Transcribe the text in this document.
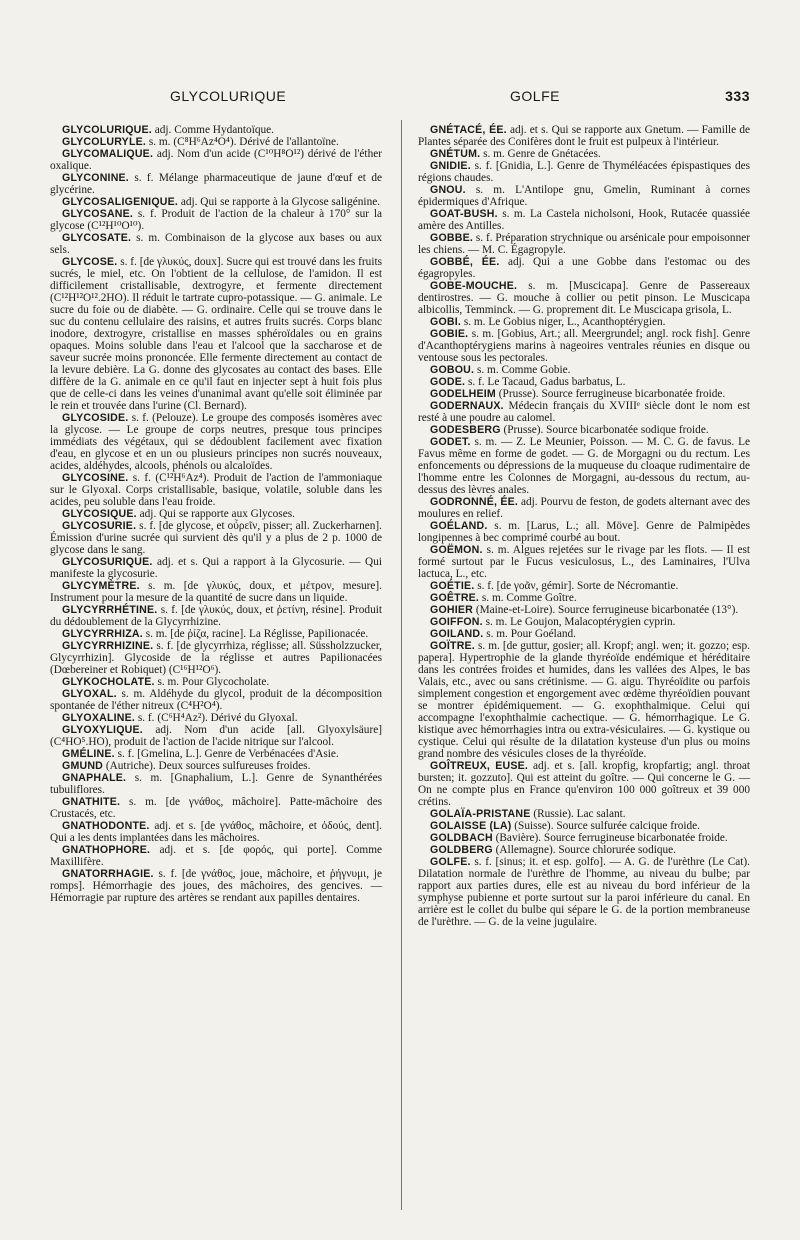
GLYCOLURIQUE	GOLFE	333

GLYCOLURIQUE. adj. Comme Hydantoïque.

GLYCOLURYLE. s. m. (C⁸H⁶Az⁴O⁴). Dérivé de l'allantoïne.

GLYCOMALIQUE. adj. Nom d'un acide (C¹⁰H⁸O¹²) dérivé de l'éther oxalique.

GLYCONINE. s. f. Mélange pharmaceutique de jaune d'œuf et de glycérine.

GLYCOSALIGENIQUE. adj. Qui se rapporte à la Glycose saligénine.

GLYCOSANE. s. f. Produit de l'action de la chaleur à 170° sur la glycose (C¹²H¹⁰O¹⁰).

GLYCOSATE. s. m. Combinaison de la glycose aux bases ou aux sels.

GLYCOSE. s. f. [de γλυκύς, doux]. Sucre qui est trouvé dans les fruits sucrés, le miel, etc. On l'obtient de la cellulose, de l'amidon. Il est difficilement cristallisable, dextrogyre, et fermente directement (C¹²H¹²O¹².2HO). Il réduit le tartrate cupro-potassique. — G. animale. Le sucre du foie ou de diabète. — G. ordinaire. Celle qui se trouve dans le suc du contenu cellulaire des raisins, et autres fruits sucrés. Corps blanc inodore, dextrogyre, cristallise en masses sphéroïdales ou en grains opaques. Moins soluble dans l'eau et l'alcool que la saccharose et de saveur sucrée moins prononcée. Elle fermente directement au contact de la levure debière. La G. donne des glycosates au contact des bases. Elle diffère de la G. animale en ce qu'il faut en injecter sept à huit fois plus que de celle-ci dans les veines d'unanimal avant qu'elle soit éliminée par le rein et trouvée dans l'urine (Cl. Bernard).

GLYCOSIDE. s. f. (Pelouze). Le groupe des composés isomères avec la glycose. — Le groupe de corps neutres, presque tous principes immédiats des végétaux, qui se dédoublent facilement avec fixation d'eau, en glycose et en un ou plusieurs principes non sucrés nouveaux, acides, aldéhydes, alcools, phénols ou alcaloïdes.

GLYCOSINE. s. f. (C¹²H⁶Az⁴). Produit de l'action de l'ammoniaque sur le Glyoxal. Corps cristallisable, basique, volatile, soluble dans les acides, peu soluble dans l'eau froide.

GLYCOSIQUE. adj. Qui se rapporte aux Glycoses.

GLYCOSURIE. s. f. [de glycose, et οὖρεῖν, pisser; all. Zuckerharnen]. Émission d'urine sucrée qui survient dès qu'il y a plus de 2 p. 1000 de glycose dans le sang.

GLYCOSURIQUE. adj. et s. Qui a rapport à la Glycosurie. — Qui manifeste la glycosurie.

GLYCYMÈTRE. s. m. [de γλυκύς, doux, et μέτρον, mesure]. Instrument pour la mesure de la quantité de sucre dans un liquide.

GLYCYRRHÉTINE. s. f. [de γλυκύς, doux, et ῥετίνη, résine]. Produit du dédoublement de la Glycyrrhizine.

GLYCYRRHIZA. s. m. [de ῥίζα, racine]. La Réglisse, Papilionacée.

GLYCYRRHIZINE. s. f. [de glycyrrhiza, réglisse; all. Süssholzzucker, Glycyrrhizin]. Glycoside de la réglisse et autres Papilionacées (Dœbereiner et Robiquet) (C¹⁶H¹²O⁶).

GLYKOCHOLATE. s. m. Pour Glycocholate.

GLYOXAL. s. m. Aldéhyde du glycol, produit de la décomposition spontanée de l'éther nitreux (C⁴H²O⁴).

GLYOXALINE. s. f. (C⁶H⁴Az²). Dérivé du Glyoxal.

GLYOXYLIQUE. adj. Nom d'un acide [all. Glyoxylsäure] (C⁴HO⁵.HO), produit de l'action de l'acide nitrique sur l'alcool.

GMÉLINE. s. f. [Gmelina, L.]. Genre de Verbénacées d'Asie.

GMUND (Autriche). Deux sources sulfureuses froides.

GNAPHALE. s. m. [Gnaphalium, L.]. Genre de Synanthérées tubuliflores.

GNATHITE. s. m. [de γνάθος, mâchoire]. Patte-mâchoire des Crustacés, etc.

GNATHODONTE. adj. et s. [de γνάθος, mâchoire, et ὀδούς, dent]. Qui a les dents implantées dans les mâchoires.

GNATHOPHORE. adj. et s. [de φορός, qui porte]. Comme Maxillifère.

GNATORRHAGIE. s. f. [de γνάθος, joue, mâchoire, et ῥήγνυμι, je romps]. Hémorrhagie des joues, des mâchoires, des gencives. — Hémorragie par rupture des artères se rendant aux papilles dentaires.

GNÉTACÉ, ÉE. adj. et s. Qui se rapporte aux Gnetum. — Famille de Plantes séparée des Conifères dont le fruit est pulpeux à l'intérieur.

GNÉTUM. s. m. Genre de Gnétacées.

GNIDIE. s. f. [Gnidia, L.]. Genre de Thyméléacées épispastiques des régions chaudes.

GNOU. s. m. L'Antilope gnu, Gmelin, Ruminant à cornes épidermiques d'Afrique.

GOAT-BUSH. s. m. La Castela nicholsoni, Hook, Rutacée quassiée amère des Antilles.

GOBBE. s. f. Préparation strychnique ou arsénicale pour empoisonner les chiens. — M. C. Égagropyle.

GOBBÉ, ÉE. adj. Qui a une Gobbe dans l'estomac ou des égagropyles.

GOBE-MOUCHE. s. m. [Muscicapa]. Genre de Passereaux dentirostres. — G. mouche à collier ou petit pinson. Le Muscicapa albicollis, Temminck. — G. proprement dit. Le Muscicapa grisola, L.

GOBI. s. m. Le Gobius niger, L., Acanthoptérygien.

GOBIE. s. m. [Gobius, Art.; all. Meergrundel; angl. rock fish]. Genre d'Acanthoptérygiens marins à nageoires ventrales réunies en disque ou ventouse sous les pectorales.

GOBOU. s. m. Comme Gobie.

GODE. s. f. Le Tacaud, Gadus barbatus, L.

GODELHEIM (Prusse). Source ferrugineuse bicarbonatée froide.

GODERNAUX. Médecin français du XVIIIᵉ siècle dont le nom est resté à une poudre au calomel.

GODESBERG (Prusse). Source bicarbonatée sodique froide.

GODET. s. m. — Z. Le Meunier, Poisson. — M. C. G. de favus. Le Favus même en forme de godet. — G. de Morgagni ou du rectum. Les enfoncements ou dépressions de la muqueuse du cloaque rudimentaire de l'homme entre les Colonnes de Morgagni, au-dessous du rectum, au-dessus des lèvres anales.

GODRONNÉ, ÉE. adj. Pourvu de feston, de godets alternant avec des moulures en relief.

GOÉLAND. s. m. [Larus, L.; all. Möve]. Genre de Palmipèdes longipennes à bec comprimé courbé au bout.

GOËMON. s. m. Algues rejetées sur le rivage par les flots. — Il est formé surtout par le Fucus vesiculosus, L., des Laminaires, l'Ulva lactuca, L., etc.

GOÉTIE. s. f. [de γοᾶν, gémir]. Sorte de Nécromantie.

GOÊTRE. s. m. Comme Goître.

GOHIER (Maine-et-Loire). Source ferrugineuse bicarbonatée (13°).

GOIFFON. s. m. Le Goujon, Malacoptérygien cyprin.

GOILAND. s. m. Pour Goéland.

GOÏTRE. s. m. [de guttur, gosier; all. Kropf; angl. wen; it. gozzo; esp. papera]. Hypertrophie de la glande thyréoïde endémique et héréditaire dans les contrées froides et humides, dans les vallées des Alpes, le bas Valais, etc., avec ou sans crétinisme. — G. aigu. Thyréoïdite ou parfois simplement congestion et engorgement avec œdème thyréoïdien pouvant se montrer épidémiquement. — G. exophthalmique. Celui qui accompagne l'exophthalmie cachectique. — G. hémorrhagique. Le G. kistique avec hémorrhagies intra ou extra-vésiculaires. — G. kystique ou cystique. Celui qui résulte de la dilatation kysteuse d'un plus ou moins grand nombre des vésicules closes de la thyréoïde.

GOÎTREUX, EUSE. adj. et s. [all. kropfig, kropfartig; angl. throat bursten; it. gozzuto]. Qui est atteint du goître. — Qui concerne le G. — On ne compte plus en France qu'environ 100 000 goîtreux et 39 000 crétins.

GOLAÏA-PRISTANE (Russie). Lac salant.

GOLAISSE (LA) (Suisse). Source sulfurée calcique froide.

GOLDBACH (Bavière). Source ferrugineuse bicarbonatée froide.

GOLDBERG (Allemagne). Source chlorurée sodique.

GOLFE. s. f. [sinus; it. et esp. golfo]. — A. G. de l'urèthre (Le Cat). Dilatation normale de l'urèthre de l'homme, au niveau du bulbe; par rapport aux parties dures, elle est au niveau du bord inférieur de la symphyse pubienne et porte surtout sur la paroi inférieure du canal. En arrière est le collet du bulbe qui sépare le G. de la portion membraneuse de l'urèthre. — G. de la veine jugulaire.
